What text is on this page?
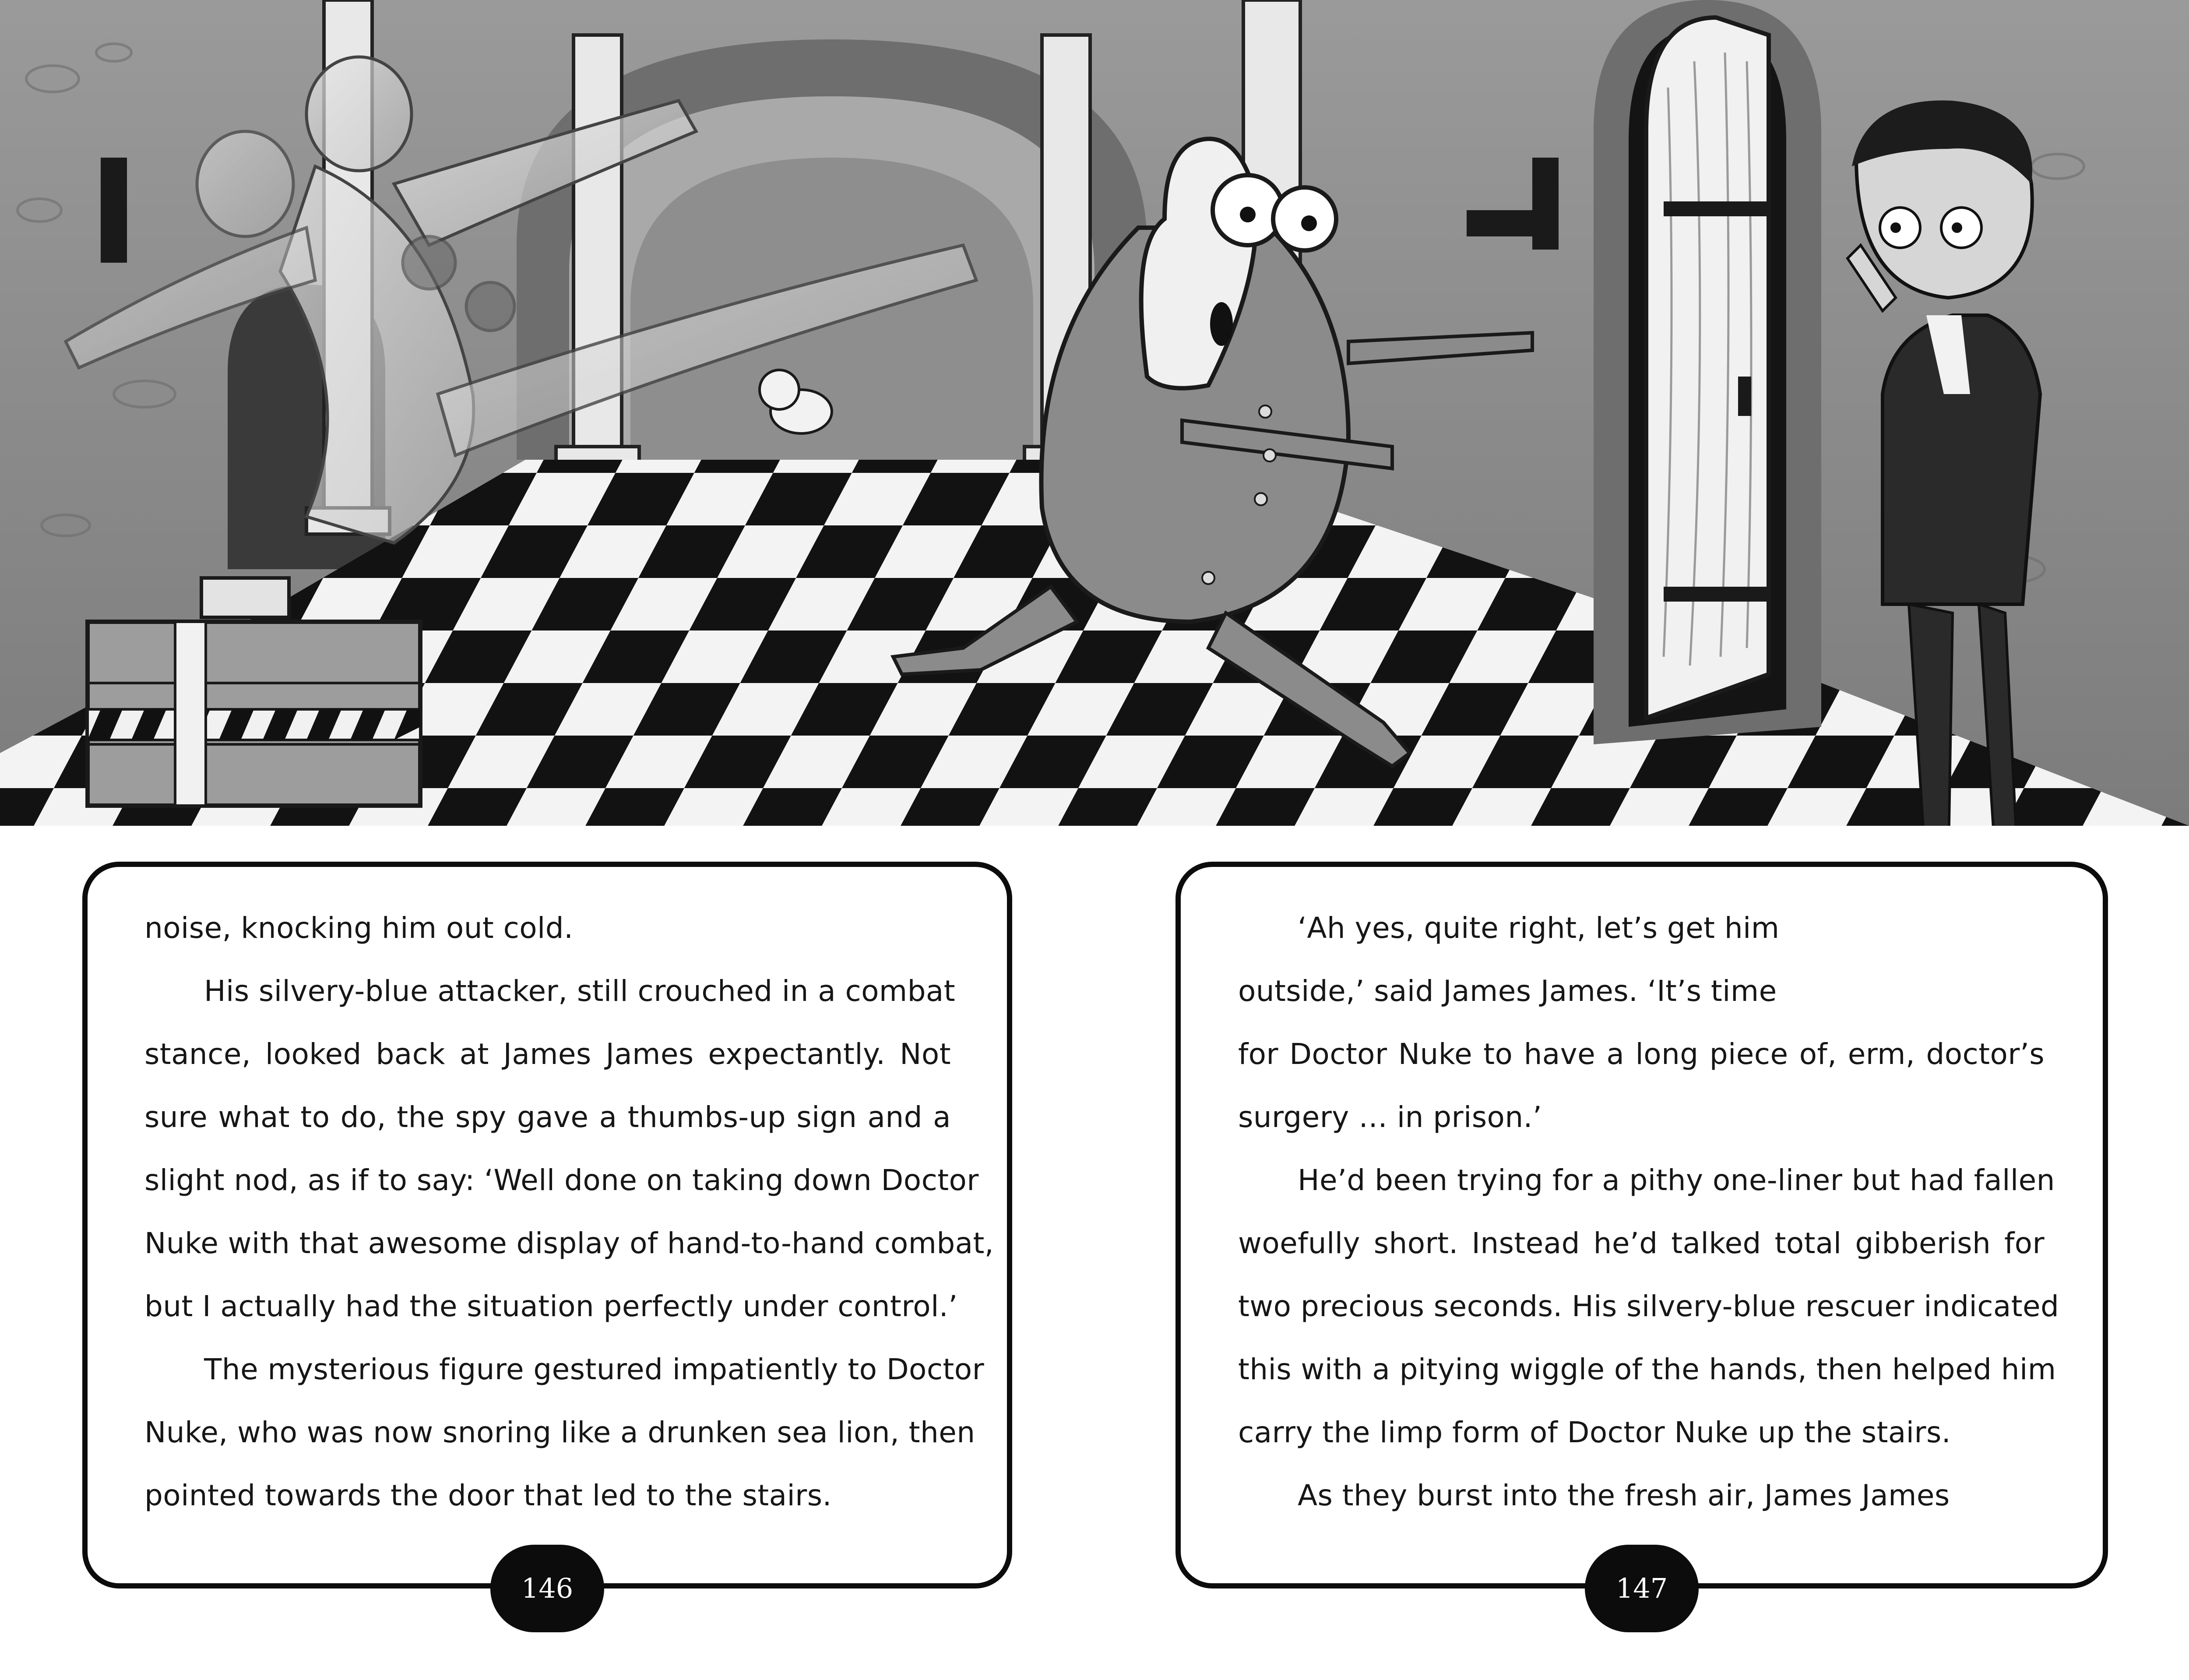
noise, knocking him out cold.

His silvery-blue attacker, still crouched in a combat
stance, looked back at James James expectantly. Not
sure what to do, the spy gave a thumbs-up sign and a
slight nod, as if to say: ‘Well done on taking down Doctor
Nuke with that awesome display of hand-to-hand combat,
but I actually had the situation perfectly under control.’

The mysterious figure gestured impatiently to Doctor
Nuke, who was now snoring like a drunken sea lion, then
pointed towards the door that led to the stairs.

146

‘Ah yes, quite right, let’s get him
outside,’ said James James. ‘It’s time
for Doctor Nuke to have a long piece of, erm, doctor’s
surgery … in prison.’

He’d been trying for a pithy one-liner but had fallen
woefully short. Instead he’d talked total gibberish for
two precious seconds. His silvery-blue rescuer indicated
this with a pitying wiggle of the hands, then helped him
carry the limp form of Doctor Nuke up the stairs.

As they burst into the fresh air, James James

147
